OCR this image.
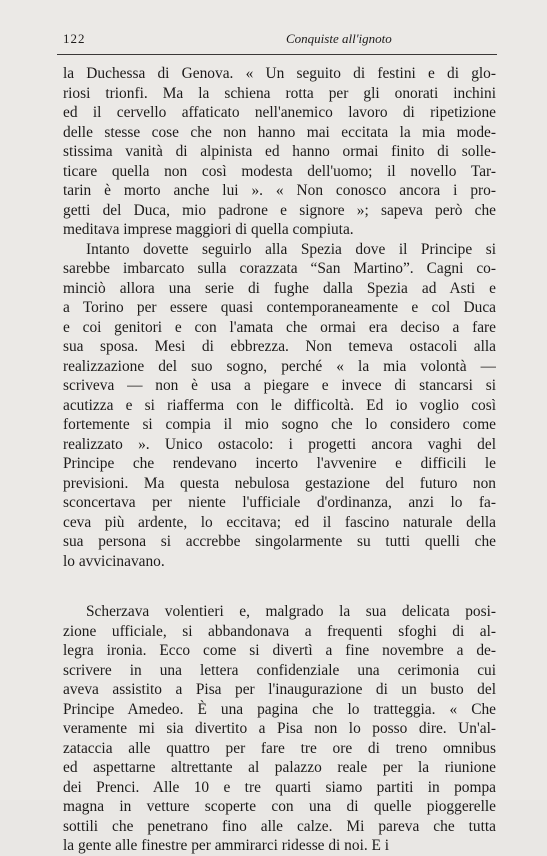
122	Conquiste all'ignoto
la Duchessa di Genova. « Un seguito di festini e di glo-
riosi trionfi. Ma la schiena rotta per gli onorati inchini
ed il cervello affaticato nell'anemico lavoro di ripetizione
delle stesse cose che non hanno mai eccitata la mia mode-
stissima vanità di alpinista ed hanno ormai finito di solle-
ticare quella non così modesta dell'uomo; il novello Tar-
tarin è morto anche lui ». « Non conosco ancora i pro-
getti del Duca, mio padrone e signore »; sapeva però che
meditava imprese maggiori di quella compiuta.
Intanto dovette seguirlo alla Spezia dove il Principe si
sarebbe imbarcato sulla corazzata “San Martino”. Cagni co-
minciò allora una serie di fughe dalla Spezia ad Asti e
a Torino per essere quasi contemporaneamente e col Duca
e coi genitori e con l'amata che ormai era deciso a fare
sua sposa. Mesi di ebbrezza. Non temeva ostacoli alla
realizzazione del suo sogno, perché « la mia volontà —
scriveva — non è usa a piegare e invece di stancarsi si
acutizza e si riafferma con le difficoltà. Ed io voglio così
fortemente si compia il mio sogno che lo considero come
realizzato ». Unico ostacolo: i progetti ancora vaghi del
Principe che rendevano incerto l'avvenire e difficili le
previsioni. Ma questa nebulosa gestazione del futuro non
sconcertava per niente l'ufficiale d'ordinanza, anzi lo fa-
ceva più ardente, lo eccitava; ed il fascino naturale della
sua persona si accrebbe singolarmente su tutti quelli che
lo avvicinavano.
Scherzava volentieri e, malgrado la sua delicata posi-
zione ufficiale, si abbandonava a frequenti sfoghi di al-
legra ironia. Ecco come si divertì a fine novembre a de-
scrivere in una lettera confidenziale una cerimonia cui
aveva assistito a Pisa per l'inaugurazione di un busto del
Principe Amedeo. È una pagina che lo tratteggia. « Che
veramente mi sia divertito a Pisa non lo posso dire. Un'al-
zataccia alle quattro per fare tre ore di treno omnibus
ed aspettarne altrettante al palazzo reale per la riunione
dei Prenci. Alle 10 e tre quarti siamo partiti in pompa
magna in vetture scoperte con una di quelle pioggerelle
sottili che penetrano fino alle calze. Mi pareva che tutta
la gente alle finestre per ammirarci ridesse di noi. E i
